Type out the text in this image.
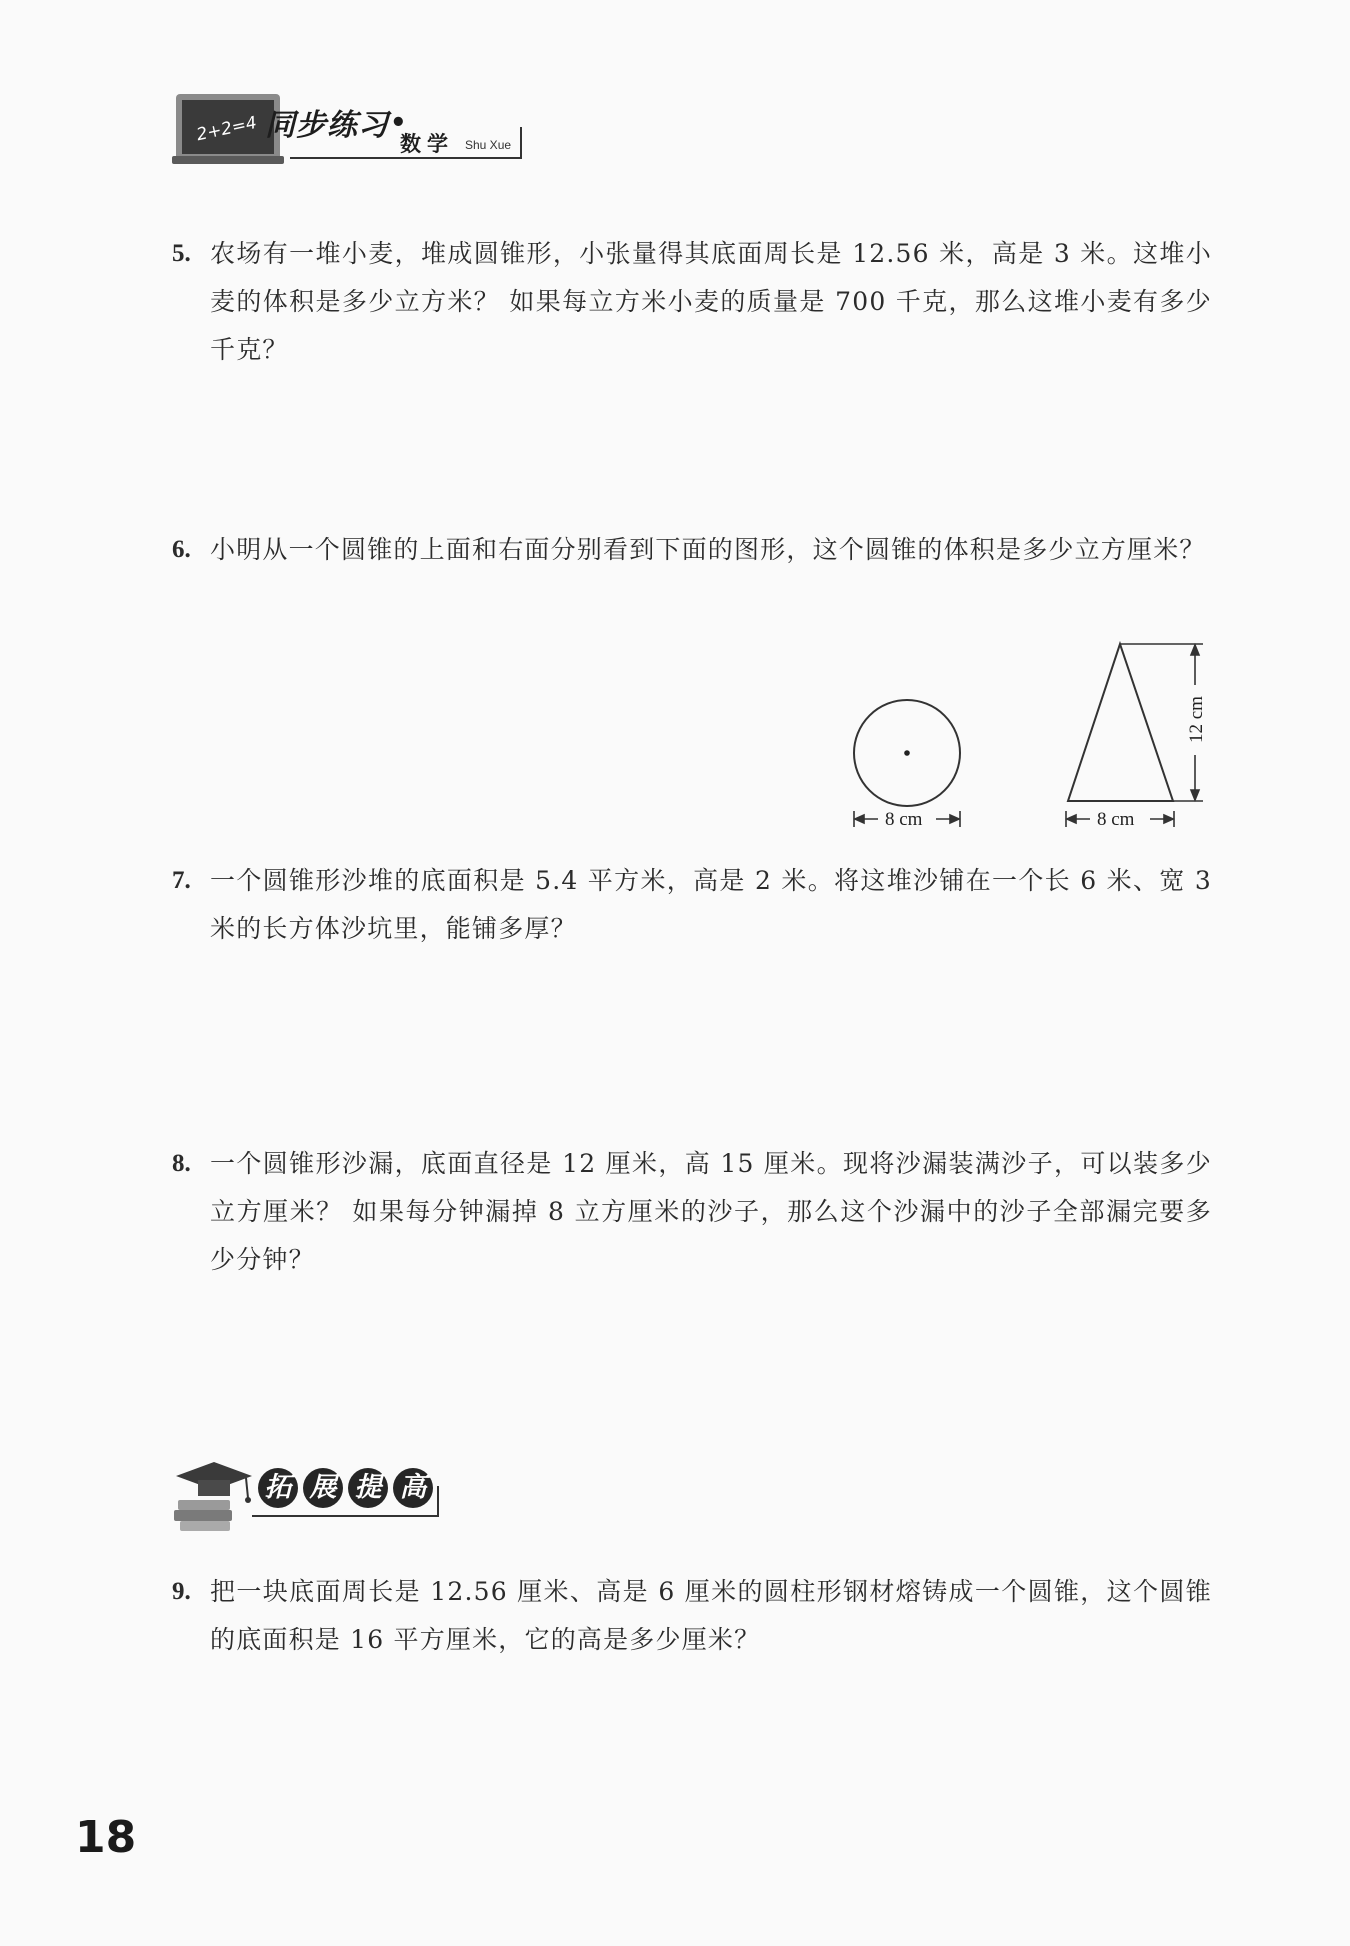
2+2=4 同步练习 •
数学 Shu Xue
5. 农场有一堆小麦，堆成圆锥形，小张量得其底面周长是 12.56 米，高是 3 米。这堆小麦的体积是多少立方米？ 如果每立方米小麦的质量是 700 千克，那么这堆小麦有多少千克？
6. 小明从一个圆锥的上面和右面分别看到下面的图形，这个圆锥的体积是多少立方厘米？
8 cm
12 cm
8 cm
7. 一个圆锥形沙堆的底面积是 5.4 平方米，高是 2 米。将这堆沙铺在一个长 6 米、宽 3 米的长方体沙坑里，能铺多厚？
8. 一个圆锥形沙漏，底面直径是 12 厘米，高 15 厘米。现将沙漏装满沙子，可以装多少立方厘米？ 如果每分钟漏掉 8 立方厘米的沙子，那么这个沙漏中的沙子全部漏完要多少分钟？
拓 展 提 高
9. 把一块底面周长是 12.56 厘米、高是 6 厘米的圆柱形钢材熔铸成一个圆锥，这个圆锥的底面积是 16 平方厘米，它的高是多少厘米？
18
